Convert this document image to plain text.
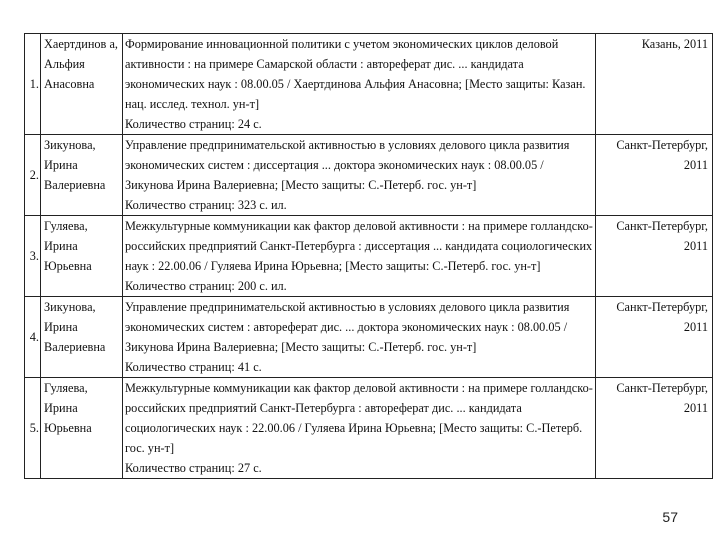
1.	Хаертдинов а, Альфия Анасовна	Формирование инновационной политики с учетом экономических циклов деловой активности : на примере Самарской области : автореферат дис. ... кандидата экономических наук : 08.00.05 / Хаертдинова Альфия Анасовна; [Место защиты: Казан. нац. исслед. технол. ун-т]
Количество страниц: 24 с.	Казань, 2011
2.	Зикунова, Ирина Валериевна	Управление предпринимательской активностью в условиях делового цикла развития экономических систем : диссертация ... доктора экономических наук : 08.00.05 / Зикунова Ирина Валериевна; [Место защиты: С.-Петерб. гос. ун-т]
Количество страниц: 323 с. ил.	Санкт-Петербург, 2011
3.	Гуляева, Ирина Юрьевна	Межкультурные коммуникации как фактор деловой активности : на примере голландско-российских предприятий Санкт-Петербурга : диссертация ... кандидата социологических наук : 22.00.06 / Гуляева Ирина Юрьевна; [Место защиты: С.-Петерб. гос. ун-т]
Количество страниц: 200 с. ил.	Санкт-Петербург, 2011
4.	Зикунова, Ирина Валериевна	Управление предпринимательской активностью в условиях делового цикла развития экономических систем : автореферат дис. ... доктора экономических наук : 08.00.05 / Зикунова Ирина Валериевна; [Место защиты: С.-Петерб. гос. ун-т]
Количество страниц: 41 с.	Санкт-Петербург, 2011
5.	Гуляева, Ирина Юрьевна	Межкультурные коммуникации как фактор деловой активности : на примере голландско-российских предприятий Санкт-Петербурга : автореферат дис. ... кандидата социологических наук : 22.00.06 / Гуляева Ирина Юрьевна; [Место защиты: С.-Петерб. гос. ун-т]
Количество страниц: 27 с.	Санкт-Петербург, 2011
57
